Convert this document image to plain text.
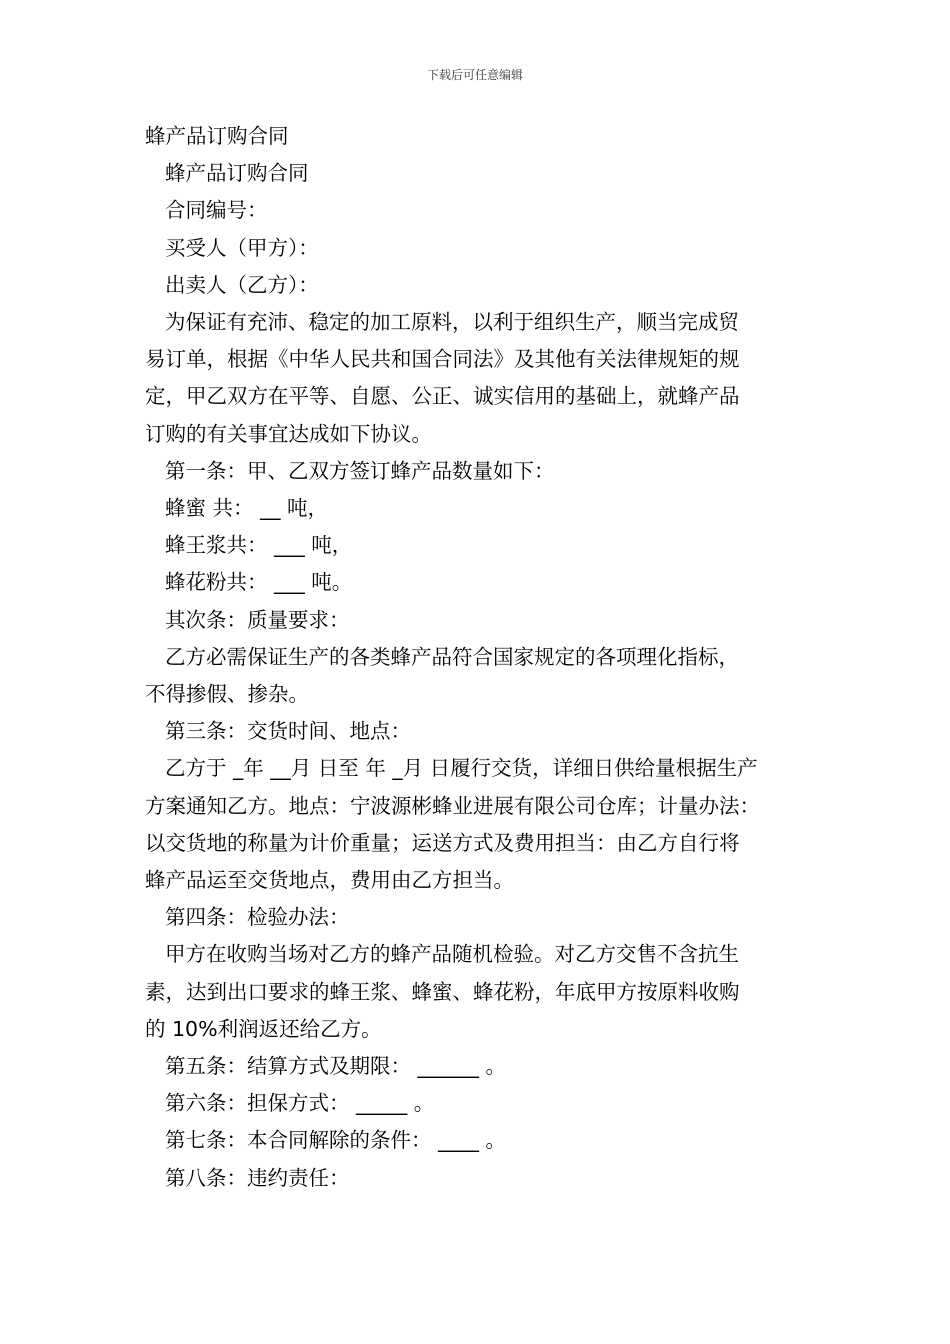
下载后可任意编辑

蜂产品订购合同

蜂产品订购合同

合同编号：

买受人（甲方）：

出卖人（乙方）：

为保证有充沛、稳定的加工原料，以利于组织生产，顺当完成贸

易订单，根据《中华人民共和国合同法》及其他有关法律规矩的规

定，甲乙双方在平等、自愿、公正、诚实信用的基础上，就蜂产品

订购的有关事宜达成如下协议。

第一条：甲、乙双方签订蜂产品数量如下：

蜂蜜 共： __ 吨，

蜂王浆共： ___ 吨，

蜂花粉共： ___ 吨。

其次条：质量要求：

乙方必需保证生产的各类蜂产品符合国家规定的各项理化指标，

不得掺假、掺杂。

第三条：交货时间、地点：

乙方于 _年 __月 日至 年 _月 日履行交货，详细日供给量根据生产

方案通知乙方。地点：宁波源彬蜂业进展有限公司仓库；计量办法：

以交货地的称量为计价重量；运送方式及费用担当：由乙方自行将

蜂产品运至交货地点，费用由乙方担当。

第四条：检验办法：

甲方在收购当场对乙方的蜂产品随机检验。对乙方交售不含抗生

素，达到出口要求的蜂王浆、蜂蜜、蜂花粉，年底甲方按原料收购

的 10%利润返还给乙方。

第五条：结算方式及期限： ______ 。

第六条：担保方式： _____ 。

第七条：本合同解除的条件： ____ 。

第八条：违约责任：
